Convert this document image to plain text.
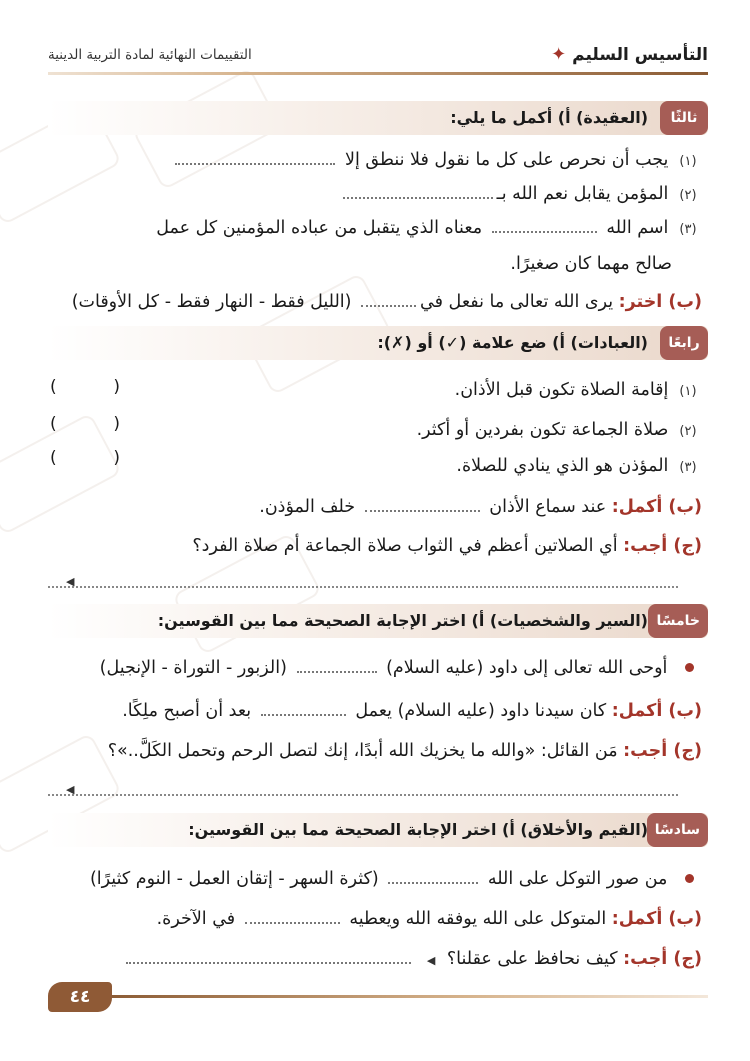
التأسيس السليم ✦
التقييمات النهائية لمادة التربية الدينية
ثالثًا
(العقيدة) أ) أكمل ما يلي:
(١) يجب أن نحرص على كل ما نقول فلا ننطق إلا
(٢) المؤمن يقابل نعم الله بـ
(٣) اسم الله  معناه الذي يتقبل من عباده المؤمنين كل عمل
صالح مهما كان صغيرًا.
(ب) اختر: يرى الله تعالى ما نفعل في (الليل فقط - النهار فقط - كل الأوقات)
رابعًا
(العبادات) أ) ضع علامة (✓) أو (✗):
(١) إقامة الصلاة تكون قبل الأذان.
(	)
(٢) صلاة الجماعة تكون بفردين أو أكثر.
(	)
(٣) المؤذن هو الذي ينادي للصلاة.
(	)
(ب) أكمل: عند سماع الأذان  خلف المؤذن.
(ج) أجب: أي الصلاتين أعظم في الثواب صلاة الجماعة أم صلاة الفرد؟
◀
خامسًا
(السير والشخصيات) أ) اختر الإجابة الصحيحة مما بين القوسين:
أوحى الله تعالى إلى داود (عليه السلام)  (الزبور - التوراة - الإنجيل)
(ب) أكمل: كان سيدنا داود (عليه السلام) يعمل  بعد أن أصبح ملِكًا.
(ج) أجب: مَن القائل: «والله ما يخزيك الله أبدًا، إنك لتصل الرحم وتحمل الكَلَّ..»؟
◀
سادسًا
(القيم والأخلاق) أ) اختر الإجابة الصحيحة مما بين القوسين:
من صور التوكل على الله  (كثرة السهر - إتقان العمل - النوم كثيرًا)
(ب) أكمل: المتوكل على الله يوفقه الله ويعطيه  في الآخرة.
(ج) أجب: كيف نحافظ على عقلنا؟ ◀
٤٤
